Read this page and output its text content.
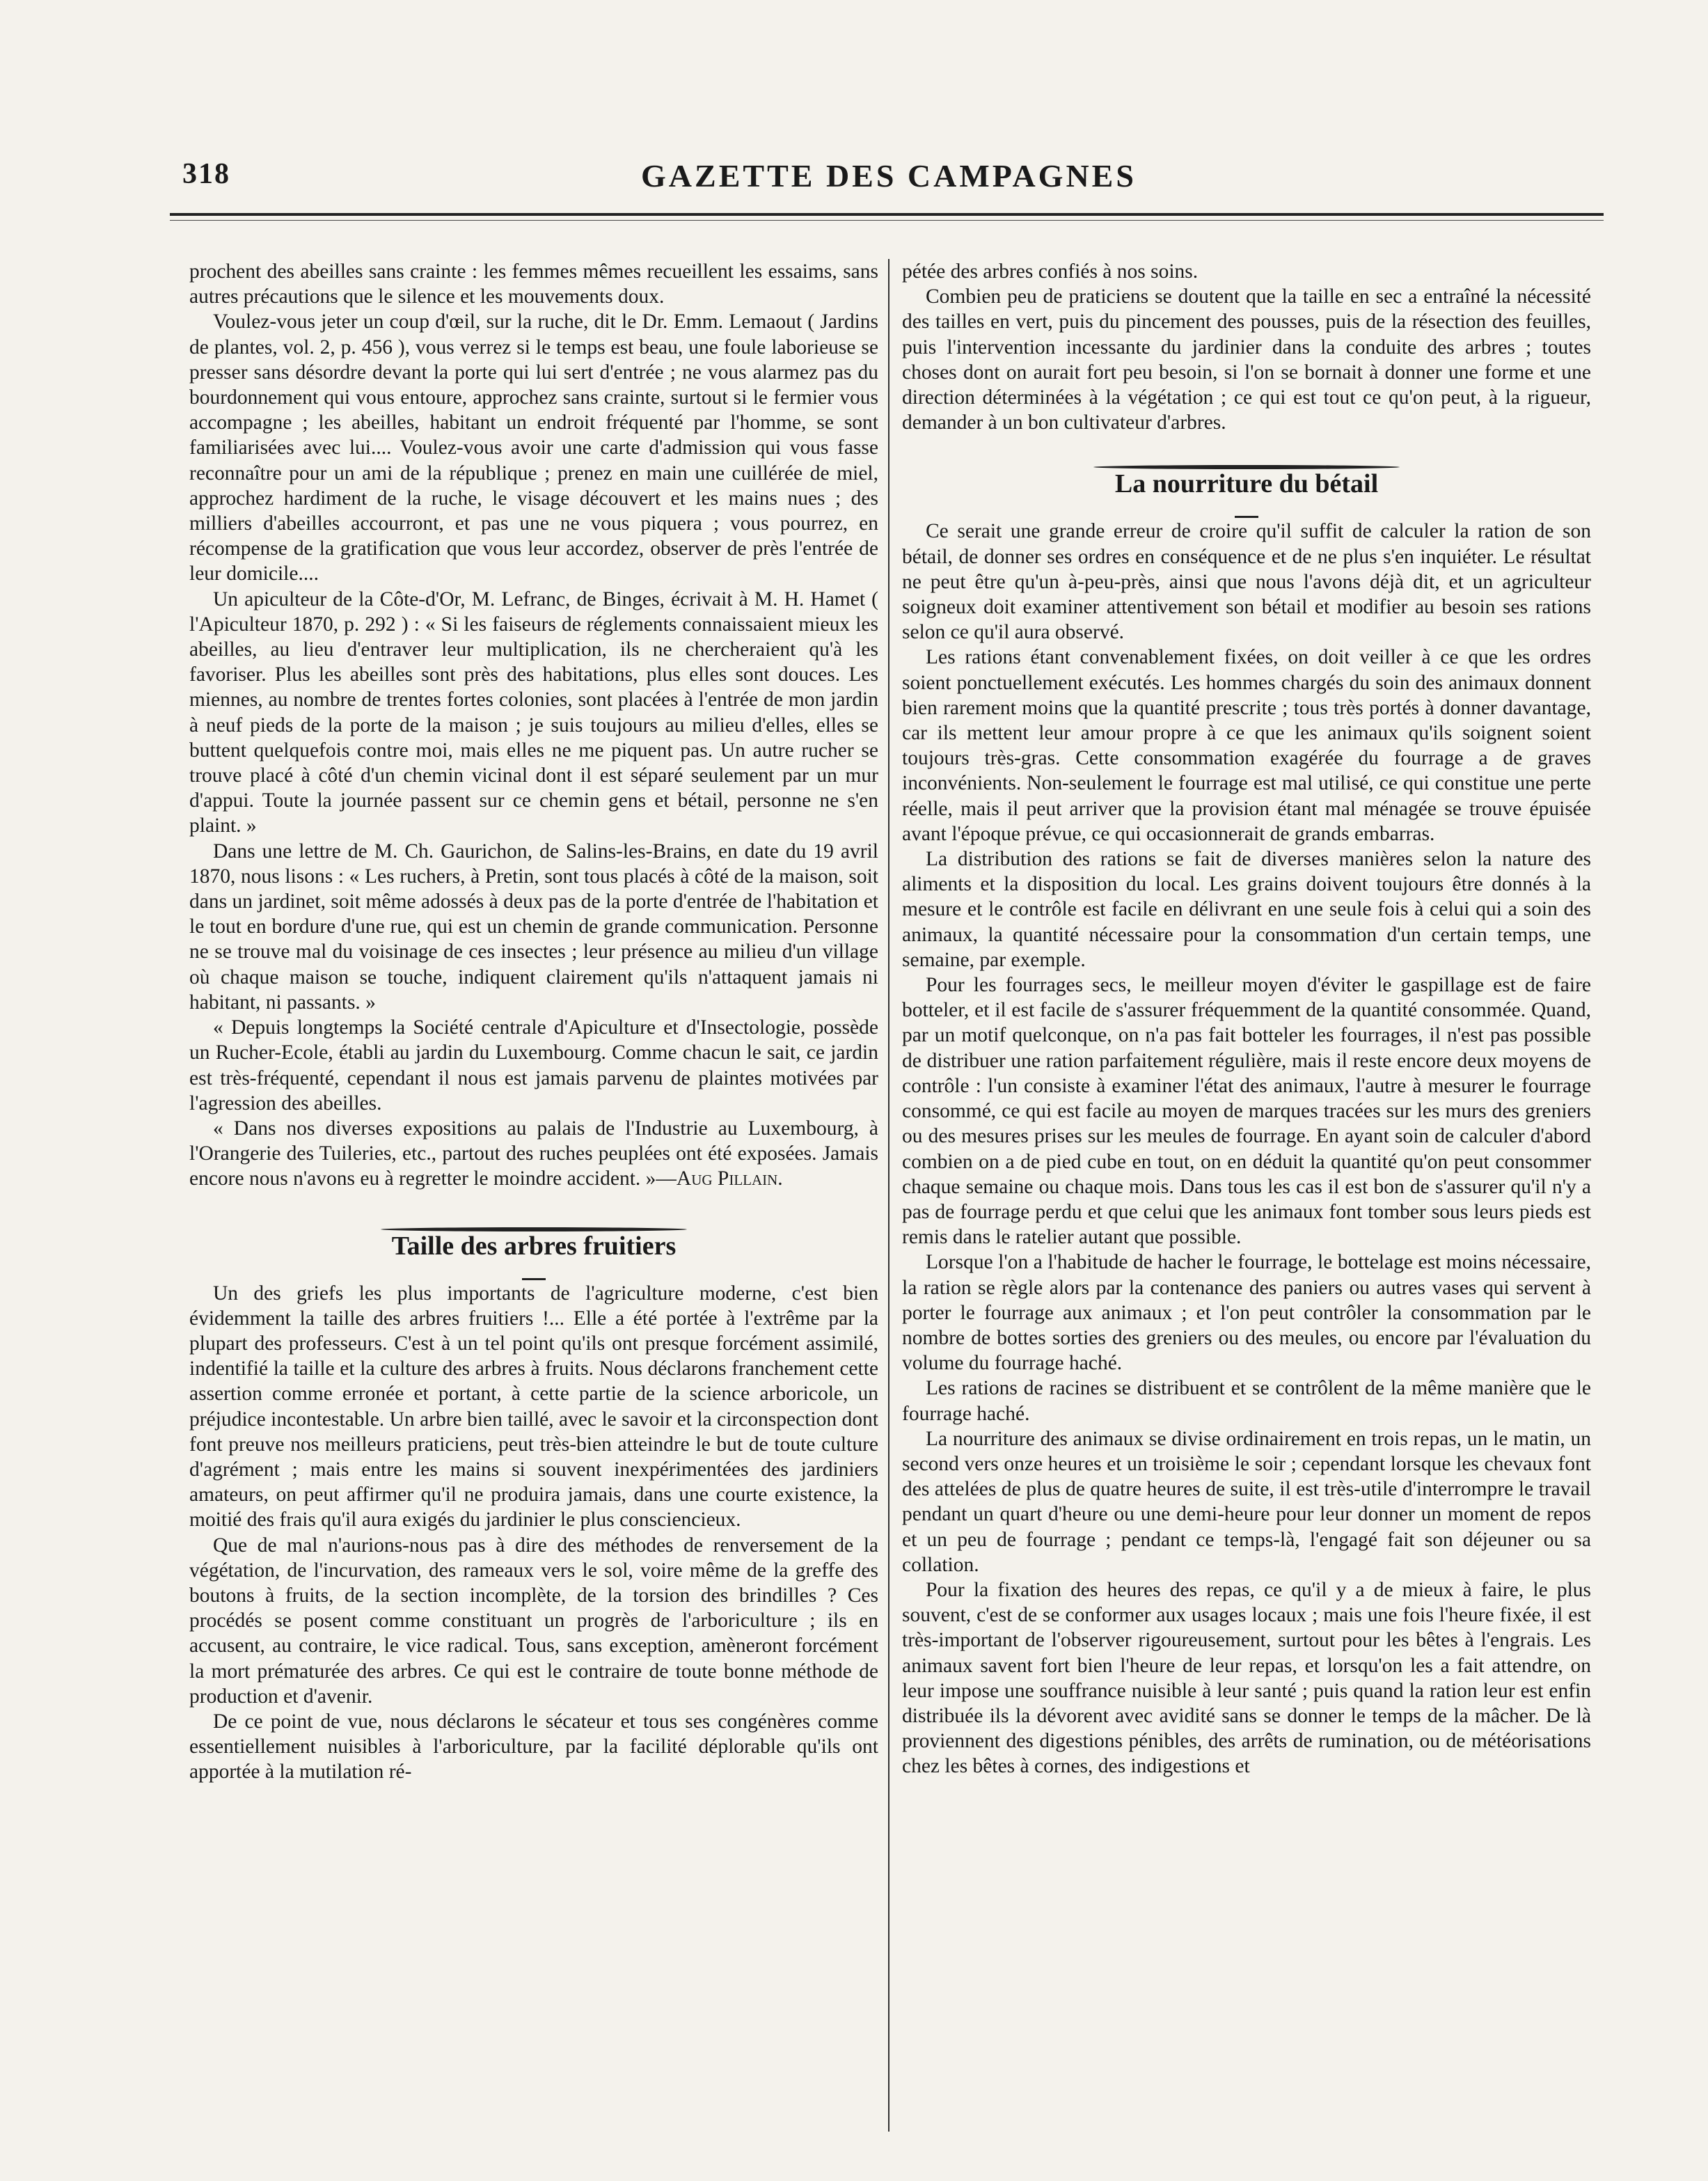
318	GAZETTE DES CAMPAGNES

prochent des abeilles sans crainte : les femmes mêmes recueillent les essaims, sans autres précautions que le silence et les mouvements doux.

Voulez-vous jeter un coup d'œil, sur la ruche, dit le Dr. Emm. Lemaout ( Jardins de plantes, vol. 2, p. 456 ), vous verrez si le temps est beau, une foule laborieuse se presser sans désordre devant la porte qui lui sert d'entrée ; ne vous alarmez pas du bourdonnement qui vous entoure, approchez sans crainte, surtout si le fermier vous accompagne ; les abeilles, habitant un endroit fréquenté par l'homme, se sont familiarisées avec lui.... Voulez-vous avoir une carte d'admission qui vous fasse reconnaître pour un ami de la république ; prenez en main une cuillérée de miel, approchez hardiment de la ruche, le visage découvert et les mains nues ; des milliers d'abeilles accourront, et pas une ne vous piquera ; vous pourrez, en récompense de la gratification que vous leur accordez, observer de près l'entrée de leur domicile....

Un apiculteur de la Côte-d'Or, M. Lefranc, de Binges, écrivait à M. H. Hamet ( l'Apiculteur 1870, p. 292 ) : « Si les faiseurs de réglements connaissaient mieux les abeilles, au lieu d'entraver leur multiplication, ils ne chercheraient qu'à les favoriser. Plus les abeilles sont près des habitations, plus elles sont douces. Les miennes, au nombre de trentes fortes colonies, sont placées à l'entrée de mon jardin à neuf pieds de la porte de la maison ; je suis toujours au milieu d'elles, elles se buttent quelquefois contre moi, mais elles ne me piquent pas. Un autre rucher se trouve placé à côté d'un chemin vicinal dont il est séparé seulement par un mur d'appui. Toute la journée passent sur ce chemin gens et bétail, personne ne s'en plaint. »

Dans une lettre de M. Ch. Gaurichon, de Salins-les-Brains, en date du 19 avril 1870, nous lisons : « Les ruchers, à Pretin, sont tous placés à côté de la maison, soit dans un jardinet, soit même adossés à deux pas de la porte d'entrée de l'habitation et le tout en bordure d'une rue, qui est un chemin de grande communication. Personne ne se trouve mal du voisinage de ces insectes ; leur présence au milieu d'un village où chaque maison se touche, indiquent clairement qu'ils n'attaquent jamais ni habitant, ni passants. »

« Depuis longtemps la Société centrale d'Apiculture et d'Insectologie, possède un Rucher-Ecole, établi au jardin du Luxembourg. Comme chacun le sait, ce jardin est très-fréquenté, cependant il nous est jamais parvenu de plaintes motivées par l'agression des abeilles.

« Dans nos diverses expositions au palais de l'Industrie au Luxembourg, à l'Orangerie des Tuileries, etc., partout des ruches peuplées ont été exposées. Jamais encore nous n'avons eu à regretter le moindre accident. »—Aug Pillain.

Taille des arbres fruitiers

Un des griefs les plus importants de l'agriculture moderne, c'est bien évidemment la taille des arbres fruitiers !... Elle a été portée à l'extrême par la plupart des professeurs. C'est à un tel point qu'ils ont presque forcément assimilé, indentifié la taille et la culture des arbres à fruits. Nous déclarons franchement cette assertion comme erronée et portant, à cette partie de la science arboricole, un préjudice incontestable. Un arbre bien taillé, avec le savoir et la circonspection dont font preuve nos meilleurs praticiens, peut très-bien atteindre le but de toute culture d'agrément ; mais entre les mains si souvent inexpérimentées des jardiniers amateurs, on peut affirmer qu'il ne produira jamais, dans une courte existence, la moitié des frais qu'il aura exigés du jardinier le plus consciencieux.

Que de mal n'aurions-nous pas à dire des méthodes de renversement de la végétation, de l'incurvation, des rameaux vers le sol, voire même de la greffe des boutons à fruits, de la section incomplète, de la torsion des brindilles ? Ces procédés se posent comme constituant un progrès de l'arboriculture ; ils en accusent, au contraire, le vice radical. Tous, sans exception, amèneront forcément la mort prématurée des arbres. Ce qui est le contraire de toute bonne méthode de production et d'avenir.

De ce point de vue, nous déclarons le sécateur et tous ses congénères comme essentiellement nuisibles à l'arboriculture, par la facilité déplorable qu'ils ont apportée à la mutilation ré-

pétée des arbres confiés à nos soins.

Combien peu de praticiens se doutent que la taille en sec a entraîné la nécessité des tailles en vert, puis du pincement des pousses, puis de la résection des feuilles, puis l'intervention incessante du jardinier dans la conduite des arbres ; toutes choses dont on aurait fort peu besoin, si l'on se bornait à donner une forme et une direction déterminées à la végétation ; ce qui est tout ce qu'on peut, à la rigueur, demander à un bon cultivateur d'arbres.

La nourriture du bétail

Ce serait une grande erreur de croire qu'il suffit de calculer la ration de son bétail, de donner ses ordres en conséquence et de ne plus s'en inquiéter. Le résultat ne peut être qu'un à-peu-près, ainsi que nous l'avons déjà dit, et un agriculteur soigneux doit examiner attentivement son bétail et modifier au besoin ses rations selon ce qu'il aura observé.

Les rations étant convenablement fixées, on doit veiller à ce que les ordres soient ponctuellement exécutés. Les hommes chargés du soin des animaux donnent bien rarement moins que la quantité prescrite ; tous très portés à donner davantage, car ils mettent leur amour propre à ce que les animaux qu'ils soignent soient toujours très-gras. Cette consommation exagérée du fourrage a de graves inconvénients. Non-seulement le fourrage est mal utilisé, ce qui constitue une perte réelle, mais il peut arriver que la provision étant mal ménagée se trouve épuisée avant l'époque prévue, ce qui occasionnerait de grands embarras.

La distribution des rations se fait de diverses manières selon la nature des aliments et la disposition du local. Les grains doivent toujours être donnés à la mesure et le contrôle est facile en délivrant en une seule fois à celui qui a soin des animaux, la quantité nécessaire pour la consommation d'un certain temps, une semaine, par exemple.

Pour les fourrages secs, le meilleur moyen d'éviter le gaspillage est de faire botteler, et il est facile de s'assurer fréquemment de la quantité consommée. Quand, par un motif quelconque, on n'a pas fait botteler les fourrages, il n'est pas possible de distribuer une ration parfaitement régulière, mais il reste encore deux moyens de contrôle : l'un consiste à examiner l'état des animaux, l'autre à mesurer le fourrage consommé, ce qui est facile au moyen de marques tracées sur les murs des greniers ou des mesures prises sur les meules de fourrage. En ayant soin de calculer d'abord combien on a de pied cube en tout, on en déduit la quantité qu'on peut consommer chaque semaine ou chaque mois. Dans tous les cas il est bon de s'assurer qu'il n'y a pas de fourrage perdu et que celui que les animaux font tomber sous leurs pieds est remis dans le ratelier autant que possible.

Lorsque l'on a l'habitude de hacher le fourrage, le bottelage est moins nécessaire, la ration se règle alors par la contenance des paniers ou autres vases qui servent à porter le fourrage aux animaux ; et l'on peut contrôler la consommation par le nombre de bottes sorties des greniers ou des meules, ou encore par l'évaluation du volume du fourrage haché.

Les rations de racines se distribuent et se contrôlent de la même manière que le fourrage haché.

La nourriture des animaux se divise ordinairement en trois repas, un le matin, un second vers onze heures et un troisième le soir ; cependant lorsque les chevaux font des attelées de plus de quatre heures de suite, il est très-utile d'interrompre le travail pendant un quart d'heure ou une demi-heure pour leur donner un moment de repos et un peu de fourrage ; pendant ce temps-là, l'engagé fait son déjeuner ou sa collation.

Pour la fixation des heures des repas, ce qu'il y a de mieux à faire, le plus souvent, c'est de se conformer aux usages locaux ; mais une fois l'heure fixée, il est très-important de l'observer rigoureusement, surtout pour les bêtes à l'engrais. Les animaux savent fort bien l'heure de leur repas, et lorsqu'on les a fait attendre, on leur impose une souffrance nuisible à leur santé ; puis quand la ration leur est enfin distribuée ils la dévorent avec avidité sans se donner le temps de la mâcher. De là proviennent des digestions pénibles, des arrêts de rumination, ou de météorisations chez les bêtes à cornes, des indigestions et
